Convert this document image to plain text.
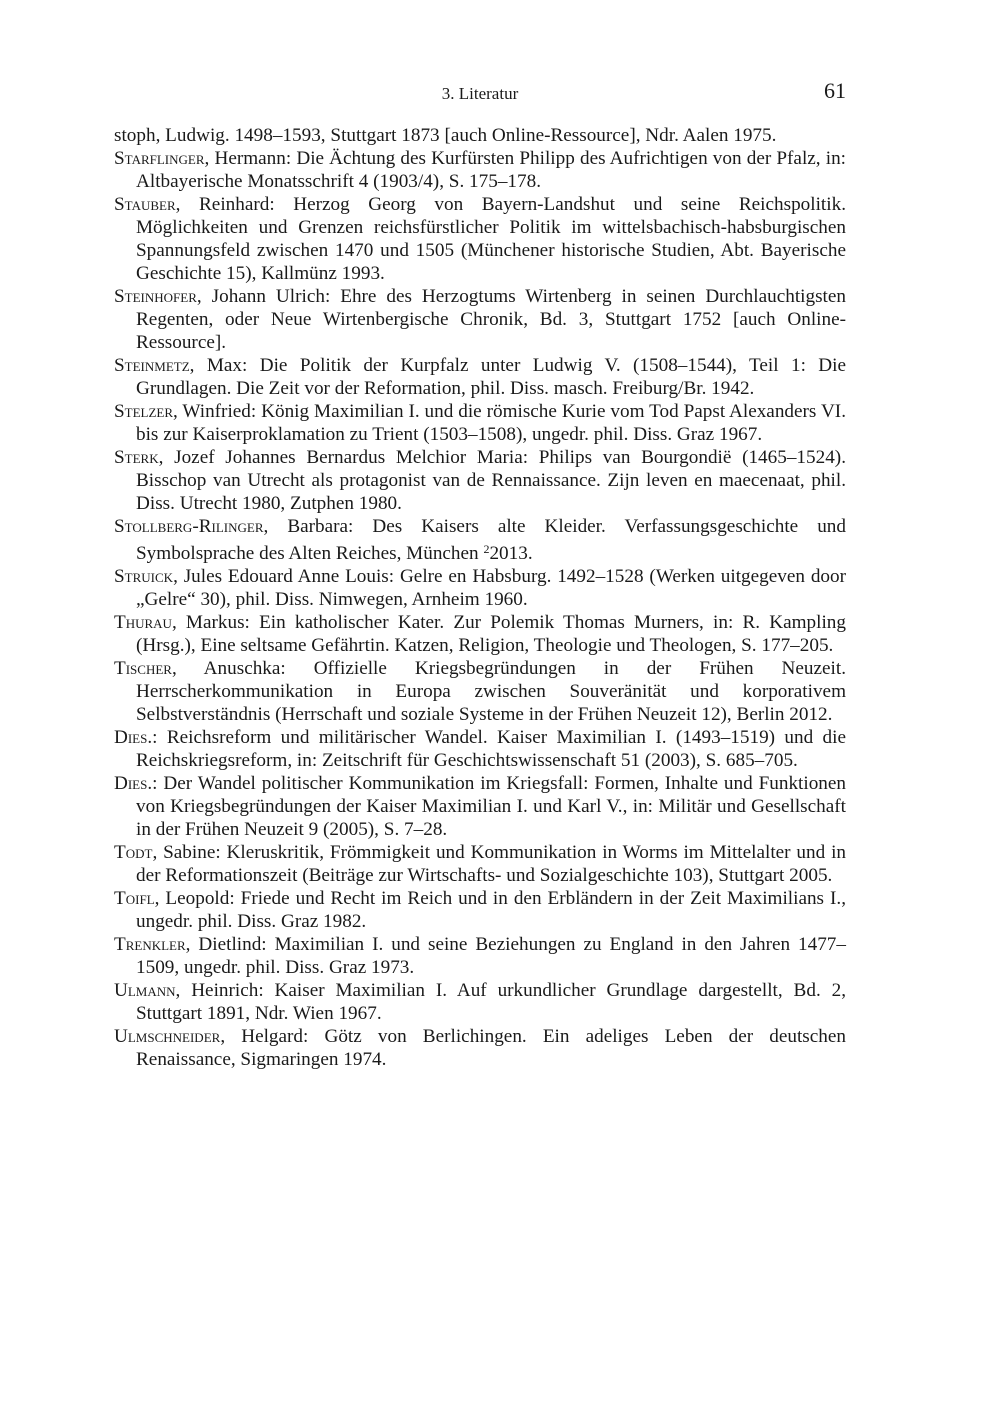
3. Literatur	61
stoph, Ludwig. 1498–1593, Stuttgart 1873 [auch Online-Ressource], Ndr. Aalen 1975.
Starflinger, Hermann: Die Ächtung des Kurfürsten Philipp des Aufrichtigen von der Pfalz, in: Altbayerische Monatsschrift 4 (1903/4), S. 175–178.
Stauber, Reinhard: Herzog Georg von Bayern-Landshut und seine Reichspolitik. Möglichkeiten und Grenzen reichsfürstlicher Politik im wittelsbachisch-habsburgischen Spannungsfeld zwischen 1470 und 1505 (Münchener historische Studien, Abt. Bayerische Geschichte 15), Kallmünz 1993.
Steinhofer, Johann Ulrich: Ehre des Herzogtums Wirtenberg in seinen Durchlauchtigsten Regenten, oder Neue Wirtenbergische Chronik, Bd. 3, Stuttgart 1752 [auch Online-Ressource].
Steinmetz, Max: Die Politik der Kurpfalz unter Ludwig V. (1508–1544), Teil 1: Die Grundlagen. Die Zeit vor der Reformation, phil. Diss. masch. Freiburg/Br. 1942.
Stelzer, Winfried: König Maximilian I. und die römische Kurie vom Tod Papst Alexanders VI. bis zur Kaiserproklamation zu Trient (1503–1508), ungedr. phil. Diss. Graz 1967.
Sterk, Jozef Johannes Bernardus Melchior Maria: Philips van Bourgondië (1465–1524). Bisschop van Utrecht als protagonist van de Rennaissance. Zijn leven en maecenaat, phil. Diss. Utrecht 1980, Zutphen 1980.
Stollberg-Rilinger, Barbara: Des Kaisers alte Kleider. Verfassungsgeschichte und Symbolsprache des Alten Reiches, München $^2$2013.
Struick, Jules Edouard Anne Louis: Gelre en Habsburg. 1492–1528 (Werken uitgegeven door „Gelre“ 30), phil. Diss. Nimwegen, Arnheim 1960.
Thurau, Markus: Ein katholischer Kater. Zur Polemik Thomas Murners, in: R. Kampling (Hrsg.), Eine seltsame Gefährtin. Katzen, Religion, Theologie und Theologen, S. 177–205.
Tischer, Anuschka: Offizielle Kriegsbegründungen in der Frühen Neuzeit. Herrscherkommunikation in Europa zwischen Souveränität und korporativem Selbstverständnis (Herrschaft und soziale Systeme in der Frühen Neuzeit 12), Berlin 2012.
Dies.: Reichsreform und militärischer Wandel. Kaiser Maximilian I. (1493–1519) und die Reichskriegsreform, in: Zeitschrift für Geschichtswissenschaft 51 (2003), S. 685–705.
Dies.: Der Wandel politischer Kommunikation im Kriegsfall: Formen, Inhalte und Funktionen von Kriegsbegründungen der Kaiser Maximilian I. und Karl V., in: Militär und Gesellschaft in der Frühen Neuzeit 9 (2005), S. 7–28.
Todt, Sabine: Kleruskritik, Frömmigkeit und Kommunikation in Worms im Mittelalter und in der Reformationszeit (Beiträge zur Wirtschafts- und Sozialgeschichte 103), Stuttgart 2005.
Toifl, Leopold: Friede und Recht im Reich und in den Erbländern in der Zeit Maximilians I., ungedr. phil. Diss. Graz 1982.
Trenkler, Dietlind: Maximilian I. und seine Beziehungen zu England in den Jahren 1477–1509, ungedr. phil. Diss. Graz 1973.
Ulmann, Heinrich: Kaiser Maximilian I. Auf urkundlicher Grundlage dargestellt, Bd. 2, Stuttgart 1891, Ndr. Wien 1967.
Ulmschneider, Helgard: Götz von Berlichingen. Ein adeliges Leben der deutschen Renaissance, Sigmaringen 1974.
